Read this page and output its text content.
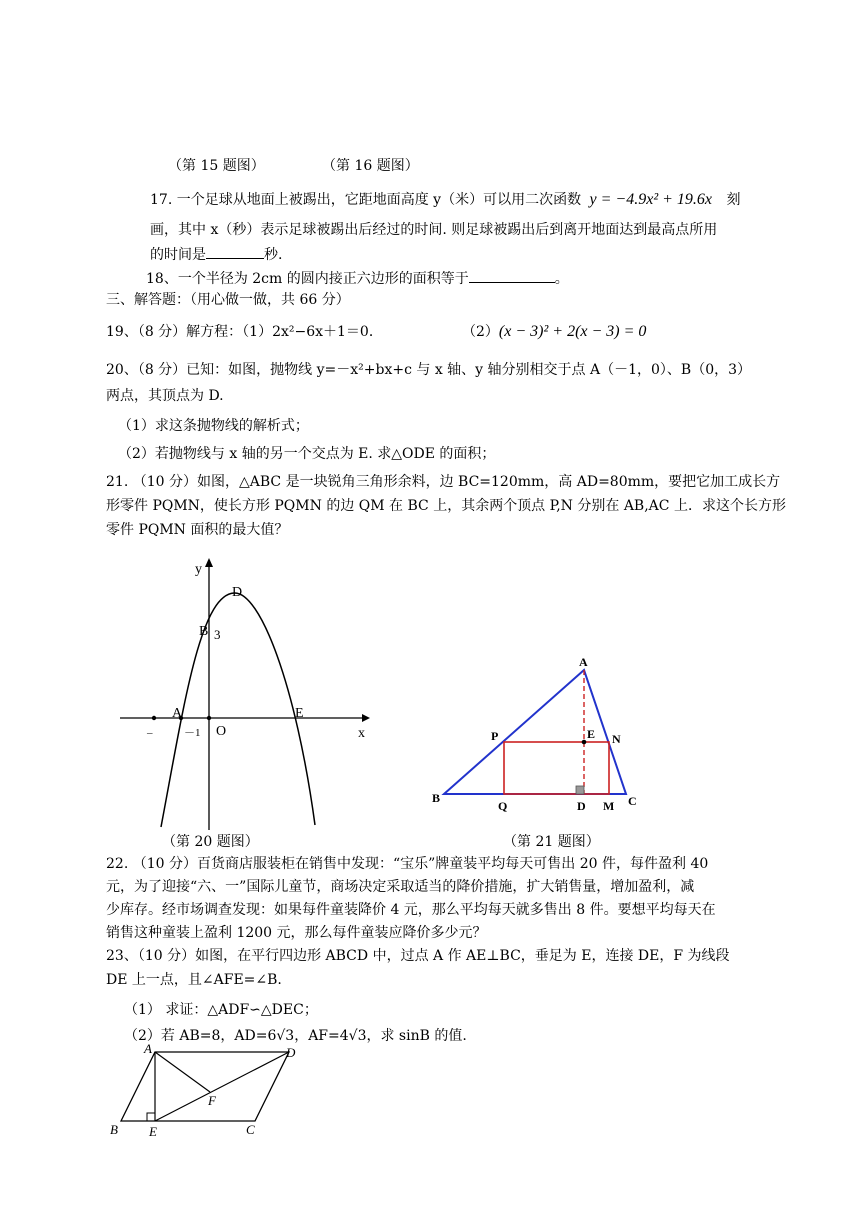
（第 15 题图）	（第 16 题图）
17. 一个足球从地面上被踢出，它距地面高度 y（米）可以用二次函数 y = −4.9x² + 19.6x 刻
画，其中 x（秒）表示足球被踢出后经过的时间. 则足球被踢出后到离开地面达到最高点所用
的时间是	秒.
18、一个半径为 2cm 的圆内接正六边形的面积等于	。
三、解答题：（用心做一做，共 66 分）
19、（8 分）解方程：（1）2x²−6x＋1＝0．	（2）(x − 3)² + 2(x − 3) = 0
20、（8 分）已知：如图，抛物线 y=－x²+bx+c 与 x 轴、y 轴分别相交于点 A（－1，0）、B（0，3）
两点，其顶点为 D.
（1）求这条抛物线的解析式；
（2）若抛物线与 x 轴的另一个交点为 E. 求△ODE 的面积；
21. （10 分）如图，△ABC 是一块锐角三角形余料，边 BC=120mm，高 AD=80mm，要把它加工成长方
形零件 PQMN，使长方形 PQMN 的边 QM 在 BC 上，其余两个顶点 P,N 分别在 AB,AC 上．求这个长方形
零件 PQMN 面积的最大值？
y
x
D
B 3
A	E
O
－1
–
（第 20 题图）
A
P	E N
B
Q	D M C
（第 21 题图）
22. （10 分）百货商店服装柜在销售中发现：“宝乐”牌童装平均每天可售出 20 件，每件盈利 40
元，为了迎接“六、一”国际儿童节，商场决定采取适当的降价措施，扩大销售量，增加盈利，减
少库存。经市场调查发现：如果每件童装降价 4 元，那么平均每天就多售出 8 件。要想平均每天在
销售这种童装上盈利 1200 元，那么每件童装应降价多少元？
23、（10 分）如图，在平行四边形 ABCD 中，过点 A 作 AE⊥BC，垂足为 E，连接 DE，F 为线段
DE 上一点，且∠AFE=∠B.
（1） 求证：△ADF∽△DEC；
（2）若 AB=8，AD=6√3，AF=4√3，求 sinB 的值.
A	D
F
B E	C
